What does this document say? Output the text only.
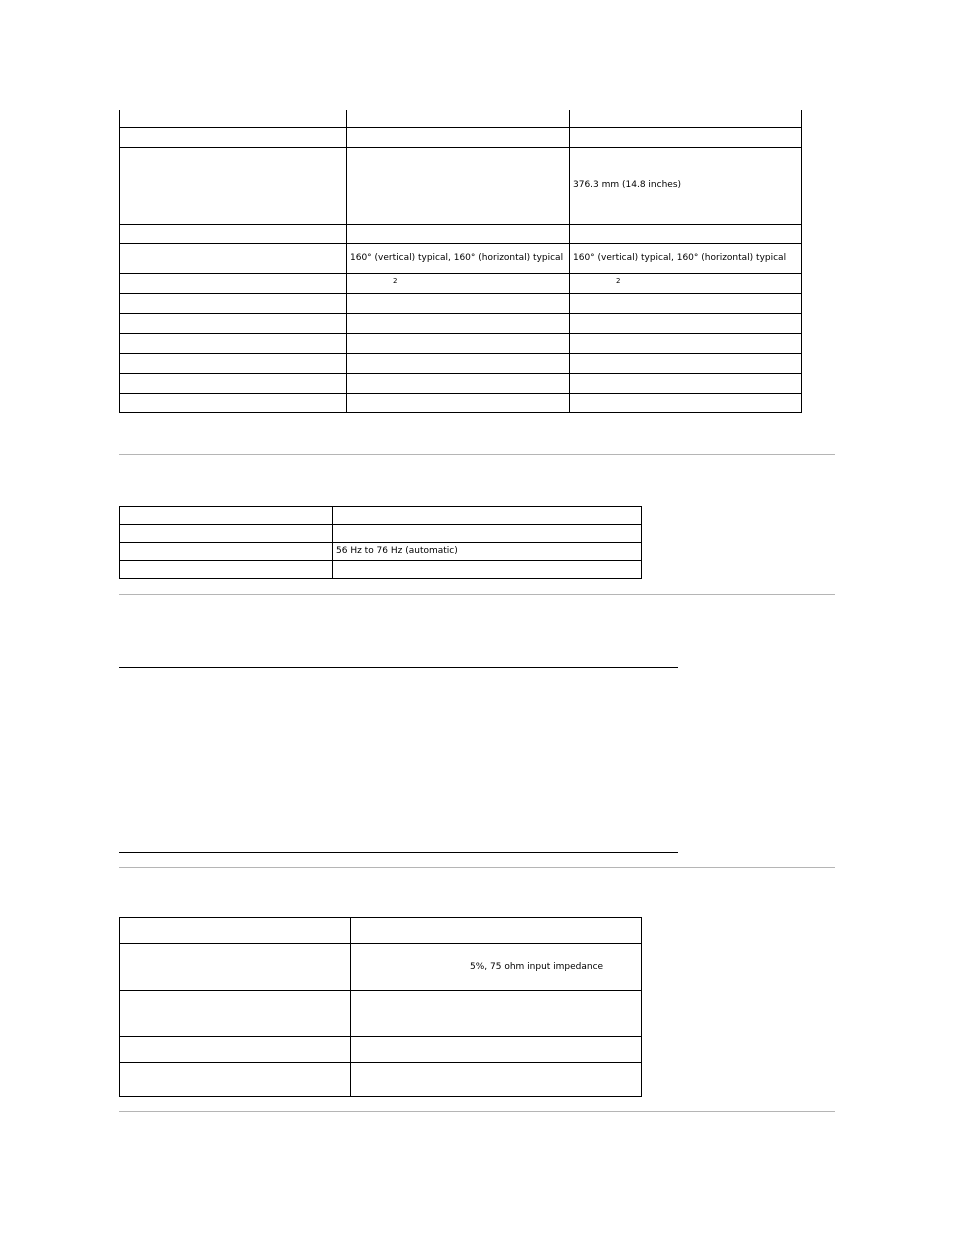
		376.3 mm (14.8 inches)

	160° (vertical) typical, 160° (horizontal) typical	160° (vertical) typical, 160° (horizontal) typical
	$^2$	$^2$

	56 Hz to 76 Hz (automatic)

	5%, 75 ohm input impedance
